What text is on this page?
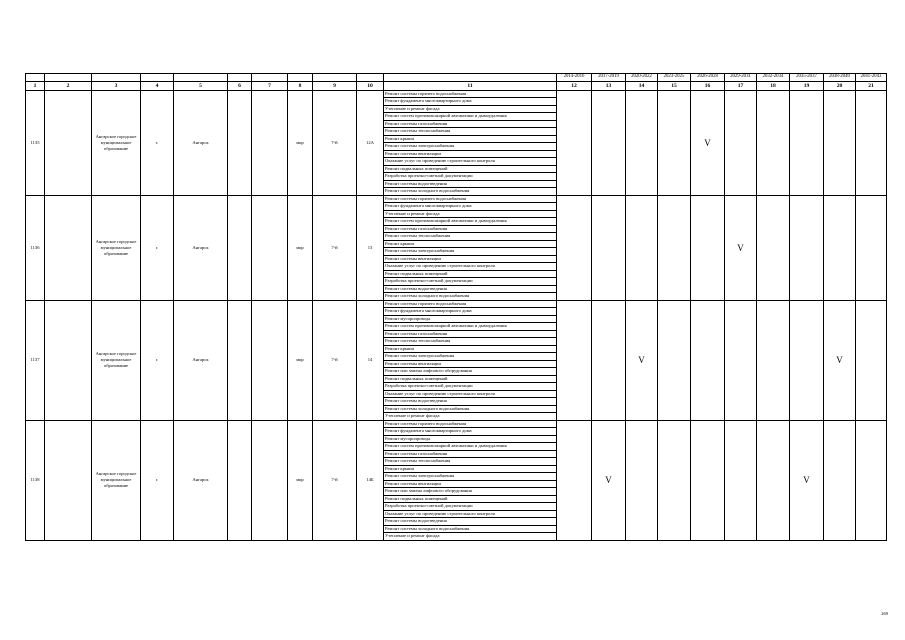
											2014-2016	2017-2019	2020-2022	2023-2025	2026-2028	2029-2031	2032-2034	2035-2037	2038-2040	2041-2043
1	2	3	4	5	6	7	8	9	10	11	12	13	14	15	16	17	18	19	20	21
1135		Ангарское городское муниципальное образование	г.	Ангарск			мкр	7-й	12А	Ремонт системы горячего водоснабжения					V					
										Ремонт фундамента многоквартирного дома										
										Утепление и ремонт фасада										
										Ремонт систем противопожарной автоматики и дымоудаления										
										Ремонт системы газоснабжения										
										Ремонт системы теплоснабжения										
										Ремонт крыши										
										Ремонт системы электроснабжения										
										Ремонт системы вентиляции										
										Оказание услуг по проведению строительного контроля										
										Ремонт подвальных помещений										
										Разработка проектно-сметной документации										
										Ремонт системы водоотведения										
										Ремонт системы холодного водоснабжения										
1136		Ангарское городское муниципальное образование	г.	Ангарск			мкр	7-й	13	Ремонт системы горячего водоснабжения						V				
										Ремонт фундамента многоквартирного дома										
										Утепление и ремонт фасада										
										Ремонт систем противопожарной автоматики и дымоудаления										
										Ремонт системы газоснабжения										
										Ремонт системы теплоснабжения										
										Ремонт крыши										
										Ремонт системы электроснабжения										
										Ремонт системы вентиляции										
										Оказание услуг по проведению строительного контроля										
										Ремонт подвальных помещений										
										Разработка проектно-сметной документации										
										Ремонт системы водоотведения										
										Ремонт системы холодного водоснабжения										
1137		Ангарское городское муниципальное образование	г.	Ангарск			мкр	7-й	14	Ремонт системы горячего водоснабжения			V						V	
										Ремонт фундамента многоквартирного дома										
										Ремонт мусоропровода										
										Ремонт систем противопожарной автоматики и дымоудаления										
										Ремонт системы газоснабжения										
										Ремонт системы теплоснабжения										
										Ремонт крыши										
										Ремонт системы электроснабжения										
										Ремонт системы вентиляции										
										Ремонт или замена лифтового оборудования										
										Ремонт подвальных помещений										
										Разработка проектно-сметной документации										
										Оказание услуг по проведению строительного контроля										
										Ремонт системы водоотведения										
										Ремонт системы холодного водоснабжения										
										Утепление и ремонт фасада										
1138		Ангарское городское муниципальное образование	г.	Ангарск			мкр	7-й	14Б	Ремонт системы горячего водоснабжения		V						V		
										Ремонт фундамента многоквартирного дома										
										Ремонт мусоропровода										
										Ремонт систем противопожарной автоматики и дымоудаления										
										Ремонт системы газоснабжения										
										Ремонт системы теплоснабжения										
										Ремонт крыши										
										Ремонт системы электроснабжения										
										Ремонт системы вентиляции										
										Ремонт или замена лифтового оборудования										
										Ремонт подвальных помещений										
										Разработка проектно-сметной документации										
										Оказание услуг по проведению строительного контроля										
										Ремонт системы водоотведения										
										Ремонт системы холодного водоснабжения										
										Утепление и ремонт фасада										
269
